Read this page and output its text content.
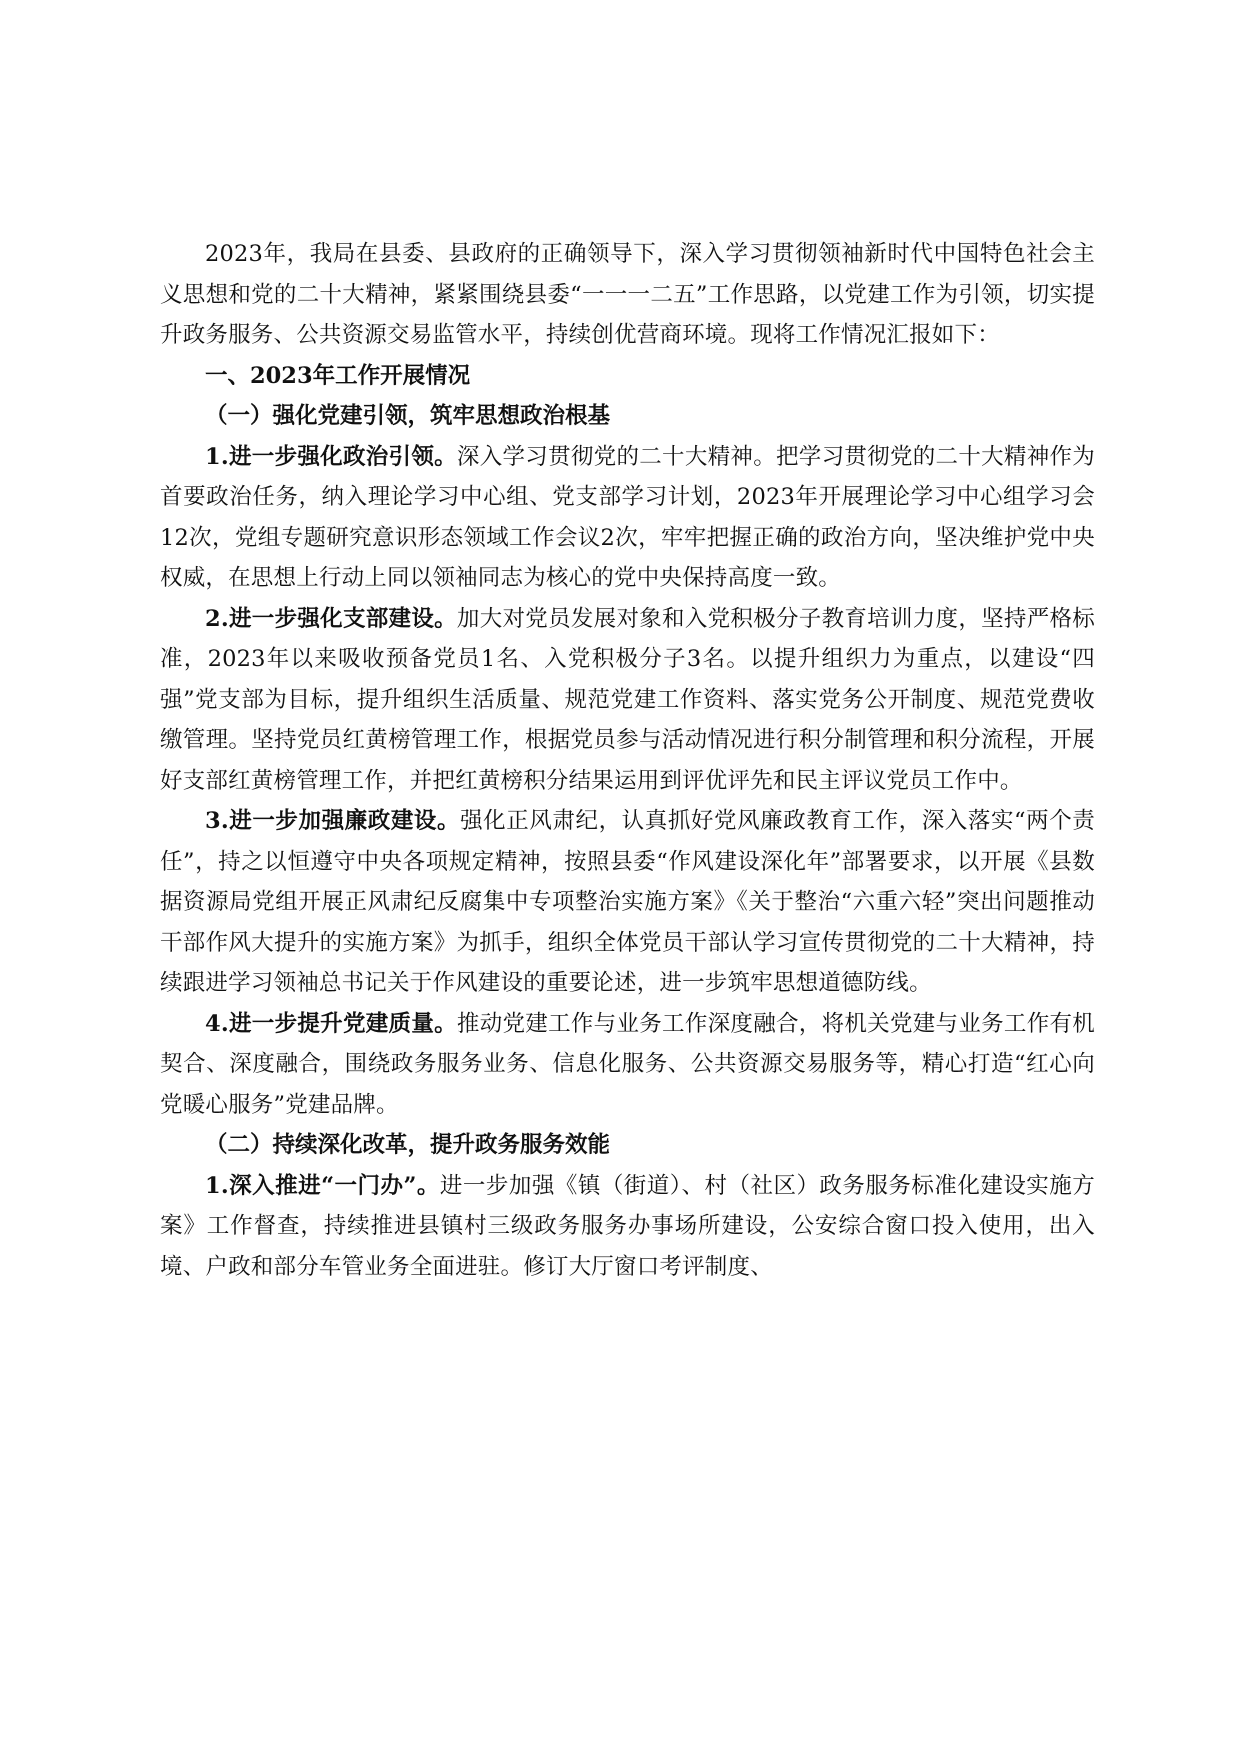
2023年，我局在县委、县政府的正确领导下，深入学习贯彻领袖新时代中国特色社会主义思想和党的二十大精神，紧紧围绕县委“一一一二五”工作思路，以党建工作为引领，切实提升政务服务、公共资源交易监管水平，持续创优营商环境。现将工作情况汇报如下：

一、2023年工作开展情况

（一）强化党建引领，筑牢思想政治根基

1.进一步强化政治引领。深入学习贯彻党的二十大精神。把学习贯彻党的二十大精神作为首要政治任务，纳入理论学习中心组、党支部学习计划，2023年开展理论学习中心组学习会12次，党组专题研究意识形态领域工作会议2次，牢牢把握正确的政治方向，坚决维护党中央权威，在思想上行动上同以领袖同志为核心的党中央保持高度一致。

2.进一步强化支部建设。加大对党员发展对象和入党积极分子教育培训力度，坚持严格标准，2023年以来吸收预备党员1名、入党积极分子3名。以提升组织力为重点，以建设“四强”党支部为目标，提升组织生活质量、规范党建工作资料、落实党务公开制度、规范党费收缴管理。坚持党员红黄榜管理工作，根据党员参与活动情况进行积分制管理和积分流程，开展好支部红黄榜管理工作，并把红黄榜积分结果运用到评优评先和民主评议党员工作中。

3.进一步加强廉政建设。强化正风肃纪，认真抓好党风廉政教育工作，深入落实“两个责任”，持之以恒遵守中央各项规定精神，按照县委“作风建设深化年”部署要求，以开展《县数据资源局党组开展正风肃纪反腐集中专项整治实施方案》《关于整治“六重六轻”突出问题推动干部作风大提升的实施方案》为抓手，组织全体党员干部认学习宣传贯彻党的二十大精神，持续跟进学习领袖总书记关于作风建设的重要论述，进一步筑牢思想道德防线。

4.进一步提升党建质量。推动党建工作与业务工作深度融合，将机关党建与业务工作有机契合、深度融合，围绕政务服务业务、信息化服务、公共资源交易服务等，精心打造“红心向党暖心服务”党建品牌。

（二）持续深化改革，提升政务服务效能

1.深入推进“一门办”。进一步加强《镇（街道）、村（社区）政务服务标准化建设实施方案》工作督查，持续推进县镇村三级政务服务办事场所建设，公安综合窗口投入使用，出入境、户政和部分车管业务全面进驻。修订大厅窗口考评制度、
